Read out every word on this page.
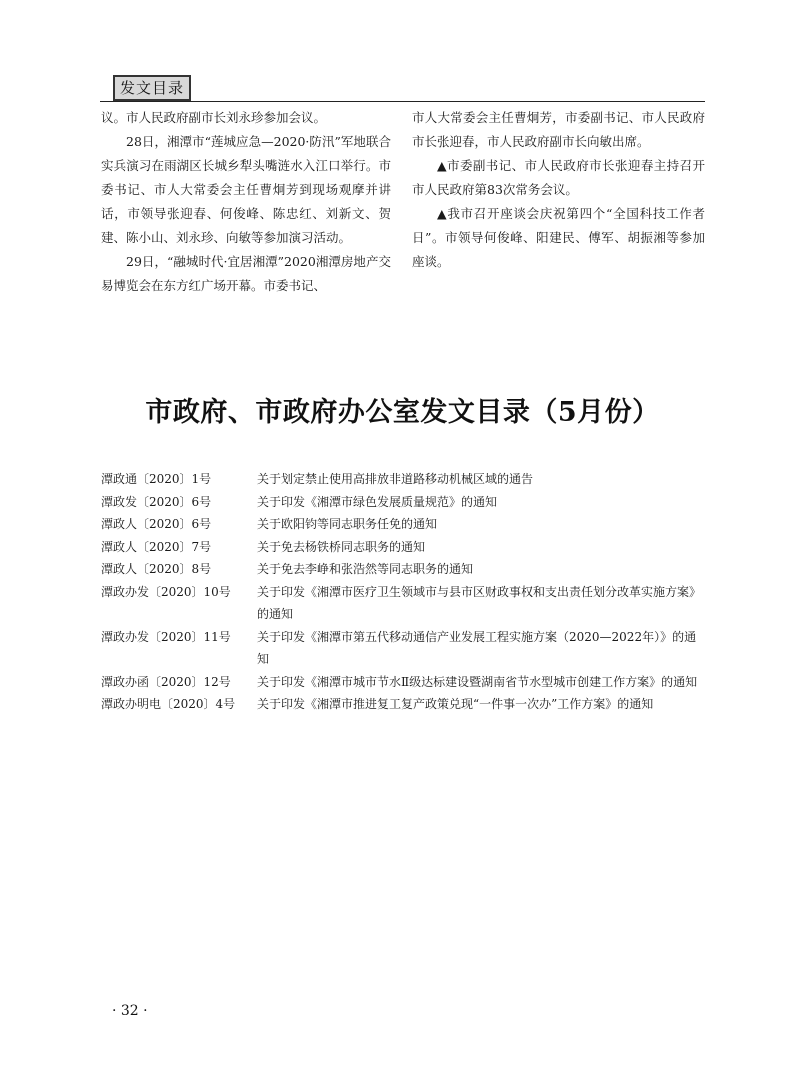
发文目录

议。市人民政府副市长刘永珍参加会议。

28日，湘潭市“莲城应急—2020·防汛”军地联合实兵演习在雨湖区长城乡犁头嘴涟水入江口举行。市委书记、市人大常委会主任曹炯芳到现场观摩并讲话，市领导张迎春、何俊峰、陈忠红、刘新文、贺建、陈小山、刘永珍、向敏等参加演习活动。

29日，“融城时代·宜居湘潭”2020湘潭房地产交易博览会在东方红广场开幕。市委书记、

市人大常委会主任曹炯芳，市委副书记、市人民政府市长张迎春，市人民政府副市长向敏出席。

▲市委副书记、市人民政府市长张迎春主持召开市人民政府第83次常务会议。

▲我市召开座谈会庆祝第四个“全国科技工作者日”。市领导何俊峰、阳建民、傅军、胡振湘等参加座谈。

市政府、市政府办公室发文目录（5月份）
潭政通〔2020〕1号	关于划定禁止使用高排放非道路移动机械区域的通告
潭政发〔2020〕6号	关于印发《湘潭市绿色发展质量规范》的通知
潭政人〔2020〕6号	关于欧阳钧等同志职务任免的通知
潭政人〔2020〕7号	关于免去杨铁桥同志职务的通知
潭政人〔2020〕8号	关于免去李峥和张浩然等同志职务的通知
潭政办发〔2020〕10号	关于印发《湘潭市医疗卫生领域市与县市区财政事权和支出责任划分改革实施方案》的通知
潭政办发〔2020〕11号	关于印发《湘潭市第五代移动通信产业发展工程实施方案（2020—2022年）》的通知
潭政办函〔2020〕12号	关于印发《湘潭市城市节水Ⅱ级达标建设暨湖南省节水型城市创建工作方案》的通知
潭政办明电〔2020〕4号	关于印发《湘潭市推进复工复产政策兑现“一件事一次办”工作方案》的通知
· 32 ·
